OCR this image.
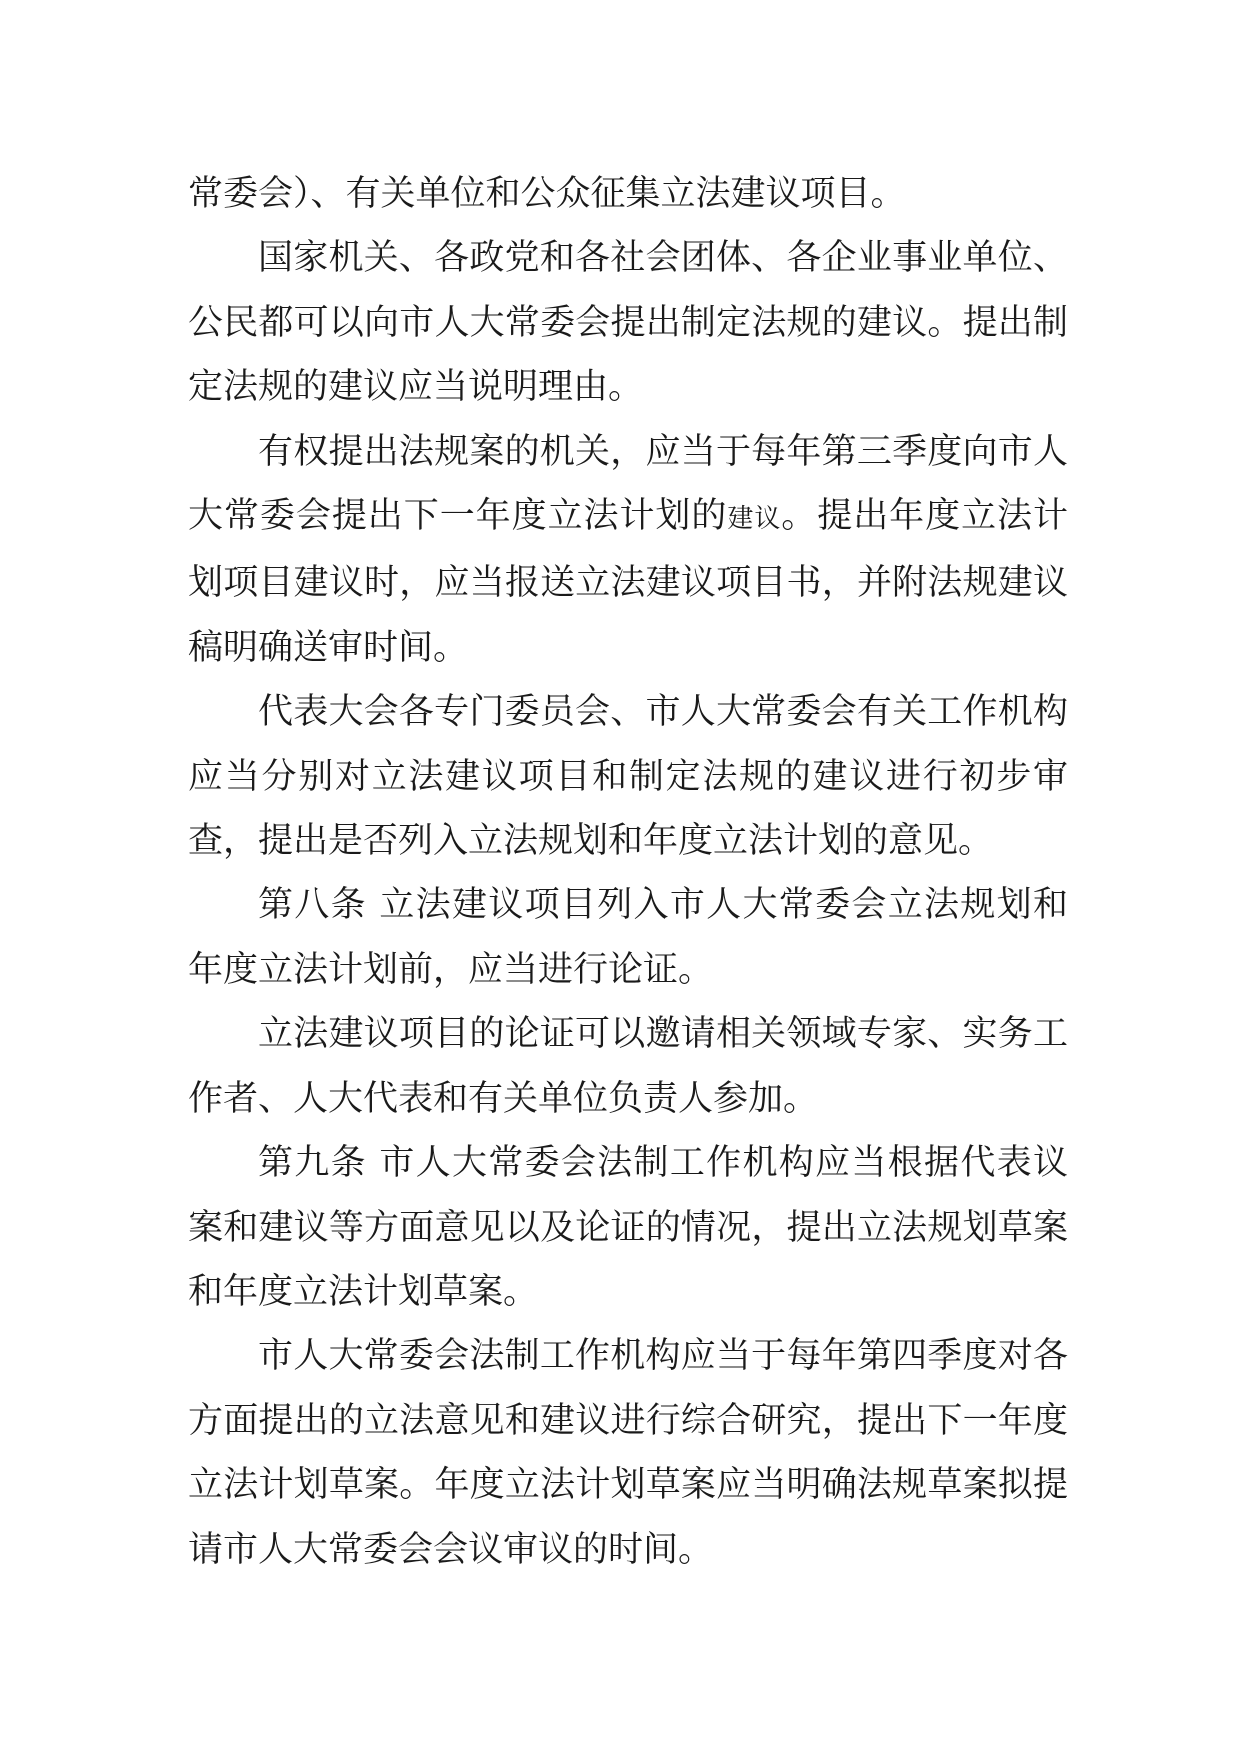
常委会）、有关单位和公众征集立法建议项目。

国家机关、各政党和各社会团体、各企业事业单位、公民都可以向市人大常委会提出制定法规的建议。提出制定法规的建议应当说明理由。

有权提出法规案的机关，应当于每年第三季度向市人大常委会提出下一年度立法计划的建议。提出年度立法计划项目建议时，应当报送立法建议项目书，并附法规建议稿明确送审时间。

代表大会各专门委员会、市人大常委会有关工作机构应当分别对立法建议项目和制定法规的建议进行初步审查，提出是否列入立法规划和年度立法计划的意见。

第八条 立法建议项目列入市人大常委会立法规划和年度立法计划前，应当进行论证。

立法建议项目的论证可以邀请相关领域专家、实务工作者、人大代表和有关单位负责人参加。

第九条 市人大常委会法制工作机构应当根据代表议案和建议等方面意见以及论证的情况，提出立法规划草案和年度立法计划草案。

市人大常委会法制工作机构应当于每年第四季度对各方面提出的立法意见和建议进行综合研究，提出下一年度立法计划草案。年度立法计划草案应当明确法规草案拟提请市人大常委会会议审议的时间。
